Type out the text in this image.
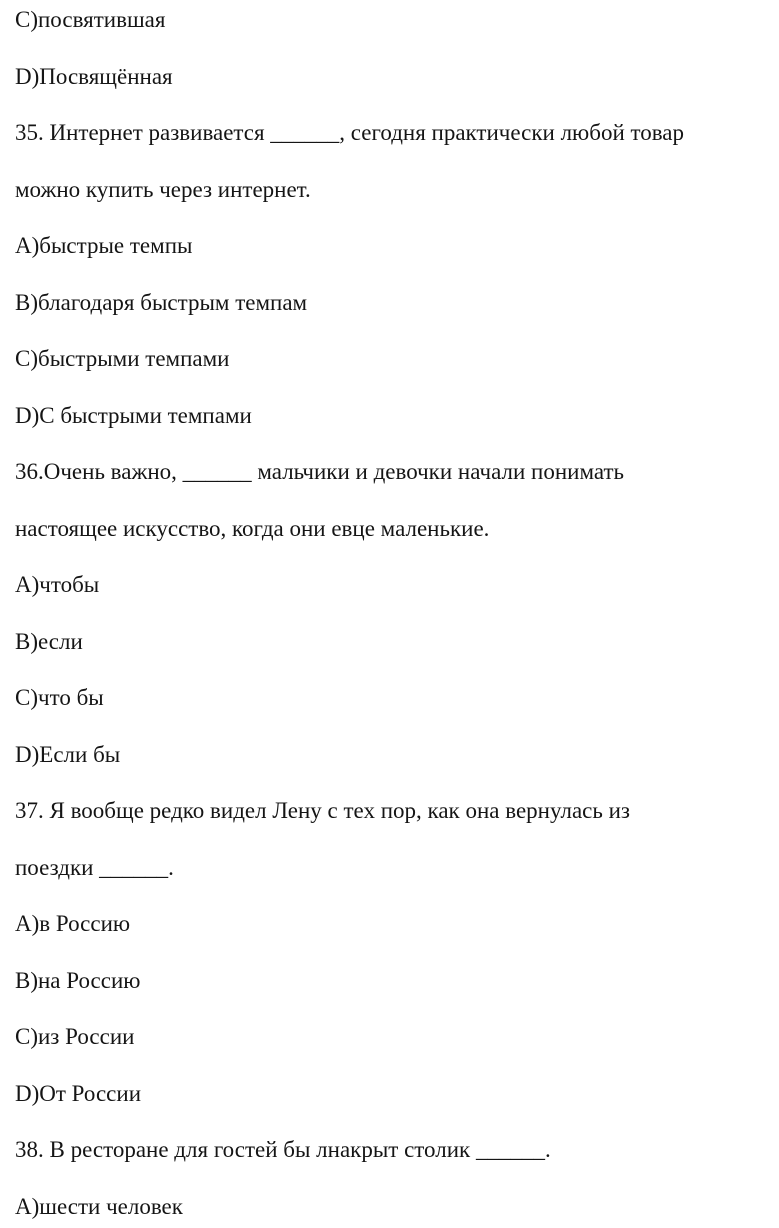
C)посвятившая
D)Посвящённая
35. Интернет развивается ______, сегодня практически любой товар
можно купить через интернет.
A)быстрые темпы
B)благодаря быстрым темпам
C)быстрыми темпами
D)С быстрыми темпами
36.Очень важно, ______ мальчики и девочки начали понимать
настоящее искусство, когда они евце маленькие.
A)чтобы
B)если
C)что бы
D)Если бы
37. Я вообще редко видел Лену с тех пор, как она вернулась из
поездки ______.
A)в Россию
B)на Россию
C)из России
D)От России
38. В ресторане для гостей бы лнакрыт столик ______.
A)шести человек
